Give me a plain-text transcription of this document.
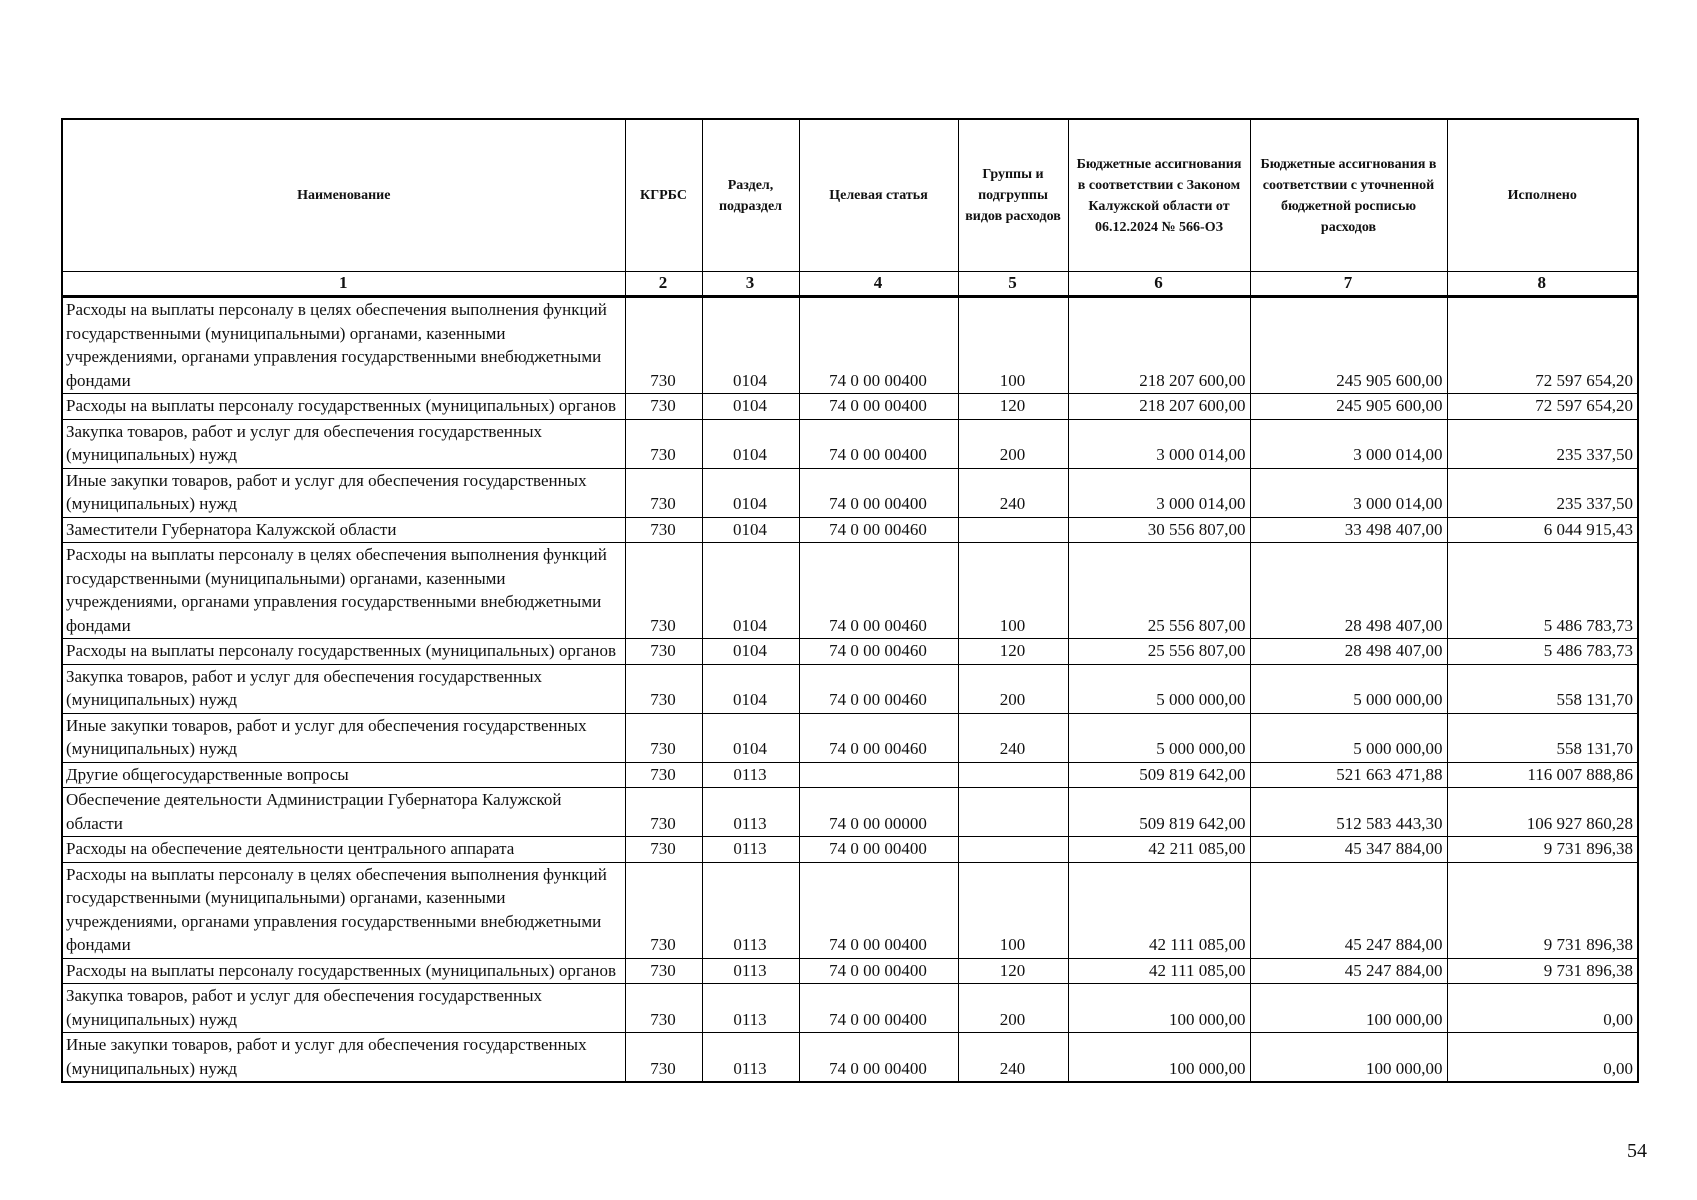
Наименование	КГРБС	Раздел, подраздел	Целевая статья	Группы и подгруппы видов расходов	Бюджетные ассигнования в соответствии с Законом Калужской области от 06.12.2024 № 566-ОЗ	Бюджетные ассигнования в соответствии с уточненной бюджетной росписью расходов	Исполнено
1	2	3	4	5	6	7	8
Расходы на выплаты персоналу в целях обеспечения выполнения функций государственными (муниципальными) органами, казенными учреждениями, органами управления государственными внебюджетными фондами	730	0104	74 0 00 00400	100	218 207 600,00	245 905 600,00	72 597 654,20
Расходы на выплаты персоналу государственных (муниципальных) органов	730	0104	74 0 00 00400	120	218 207 600,00	245 905 600,00	72 597 654,20
Закупка товаров, работ и услуг для обеспечения государственных (муниципальных) нужд	730	0104	74 0 00 00400	200	3 000 014,00	3 000 014,00	235 337,50
Иные закупки товаров, работ и услуг для обеспечения государственных (муниципальных) нужд	730	0104	74 0 00 00400	240	3 000 014,00	3 000 014,00	235 337,50
Заместители Губернатора Калужской области	730	0104	74 0 00 00460		30 556 807,00	33 498 407,00	6 044 915,43
Расходы на выплаты персоналу в целях обеспечения выполнения функций государственными (муниципальными) органами, казенными учреждениями, органами управления государственными внебюджетными фондами	730	0104	74 0 00 00460	100	25 556 807,00	28 498 407,00	5 486 783,73
Расходы на выплаты персоналу государственных (муниципальных) органов	730	0104	74 0 00 00460	120	25 556 807,00	28 498 407,00	5 486 783,73
Закупка товаров, работ и услуг для обеспечения государственных (муниципальных) нужд	730	0104	74 0 00 00460	200	5 000 000,00	5 000 000,00	558 131,70
Иные закупки товаров, работ и услуг для обеспечения государственных (муниципальных) нужд	730	0104	74 0 00 00460	240	5 000 000,00	5 000 000,00	558 131,70
Другие общегосударственные вопросы	730	0113			509 819 642,00	521 663 471,88	116 007 888,86
Обеспечение деятельности Администрации Губернатора Калужской области	730	0113	74 0 00 00000		509 819 642,00	512 583 443,30	106 927 860,28
Расходы на обеспечение деятельности центрального аппарата	730	0113	74 0 00 00400		42 211 085,00	45 347 884,00	9 731 896,38
Расходы на выплаты персоналу в целях обеспечения выполнения функций государственными (муниципальными) органами, казенными учреждениями, органами управления государственными внебюджетными фондами	730	0113	74 0 00 00400	100	42 111 085,00	45 247 884,00	9 731 896,38
Расходы на выплаты персоналу государственных (муниципальных) органов	730	0113	74 0 00 00400	120	42 111 085,00	45 247 884,00	9 731 896,38
Закупка товаров, работ и услуг для обеспечения государственных (муниципальных) нужд	730	0113	74 0 00 00400	200	100 000,00	100 000,00	0,00
Иные закупки товаров, работ и услуг для обеспечения государственных (муниципальных) нужд	730	0113	74 0 00 00400	240	100 000,00	100 000,00	0,00
54
